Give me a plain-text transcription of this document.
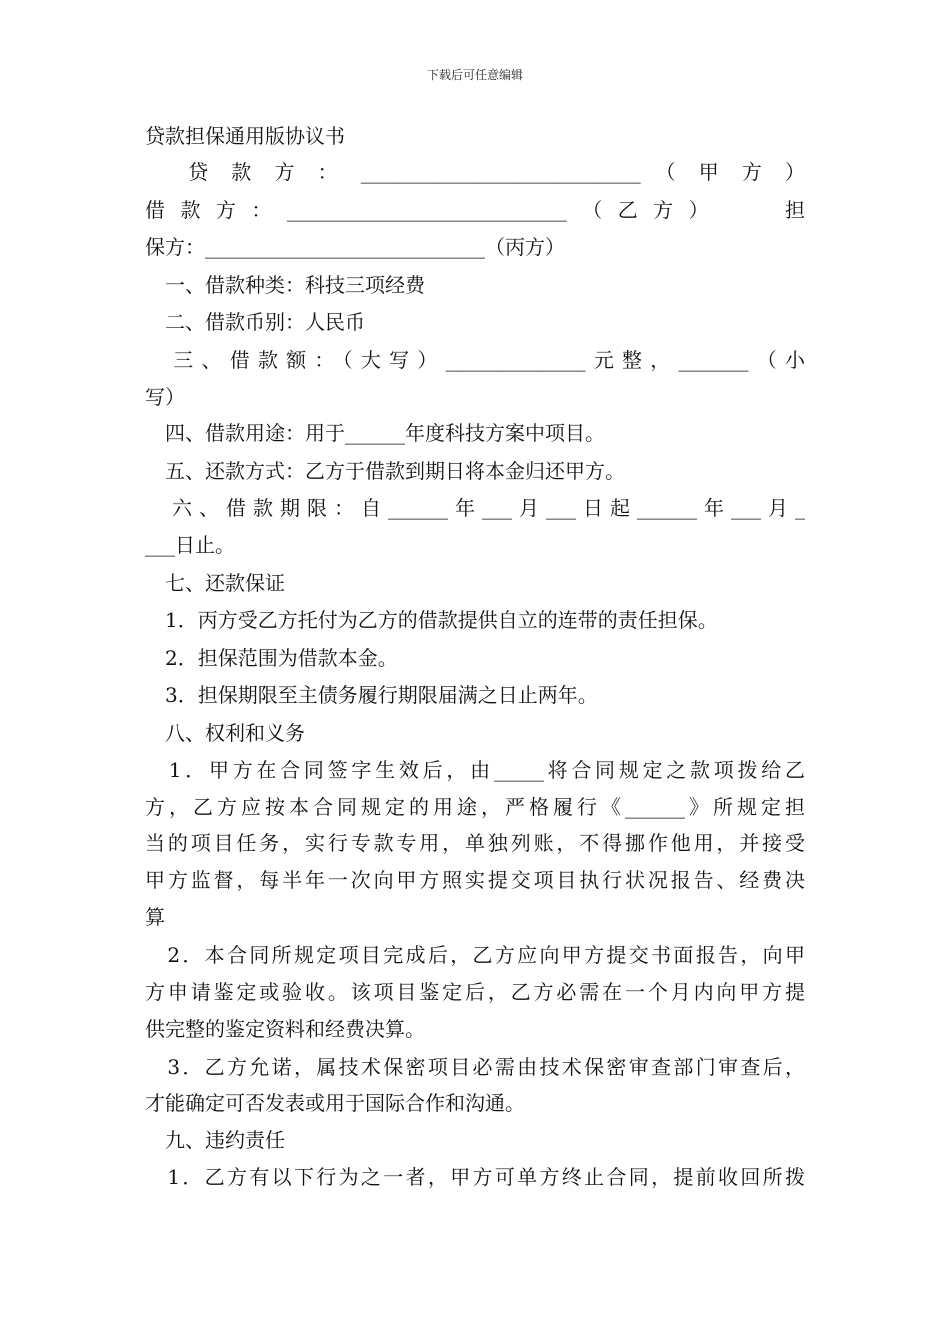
下载后可任意编辑
贷款担保通用版协议书
　 贷 款 方 ： ____________________________ （ 甲 方 ）
借款方：____________________________（乙方）　　担
保方：____________________________（丙方）
　一、借款种类：科技三项经费
　二、借款币别：人民币
　三、借款额：（大写）______________元整，_______（小
写）
　四、借款用途：用于______年度科技方案中项目。
　五、还款方式：乙方于借款到期日将本金归还甲方。
　六、借款期限：自______年___月___日起______年___月_
___日止。
　七、还款保证
　1．丙方受乙方托付为乙方的借款提供自立的连带的责任担保。
　2．担保范围为借款本金。
　3．担保期限至主债务履行期限届满之日止两年。
　八、权利和义务
　1．甲方在合同签字生效后，由_____将合同规定之款项拨给乙
方，乙方应按本合同规定的用途，严格履行《______》所规定担
当的项目任务，实行专款专用，单独列账，不得挪作他用，并接受
甲方监督，每半年一次向甲方照实提交项目执行状况报告、经费决
算
　2．本合同所规定项目完成后，乙方应向甲方提交书面报告，向甲
方申请鉴定或验收。该项目鉴定后，乙方必需在一个月内向甲方提
供完整的鉴定资料和经费决算。
　3．乙方允诺，属技术保密项目必需由技术保密审查部门审查后，
才能确定可否发表或用于国际合作和沟通。
　九、违约责任
　1．乙方有以下行为之一者，甲方可单方终止合同，提前收回所拨
